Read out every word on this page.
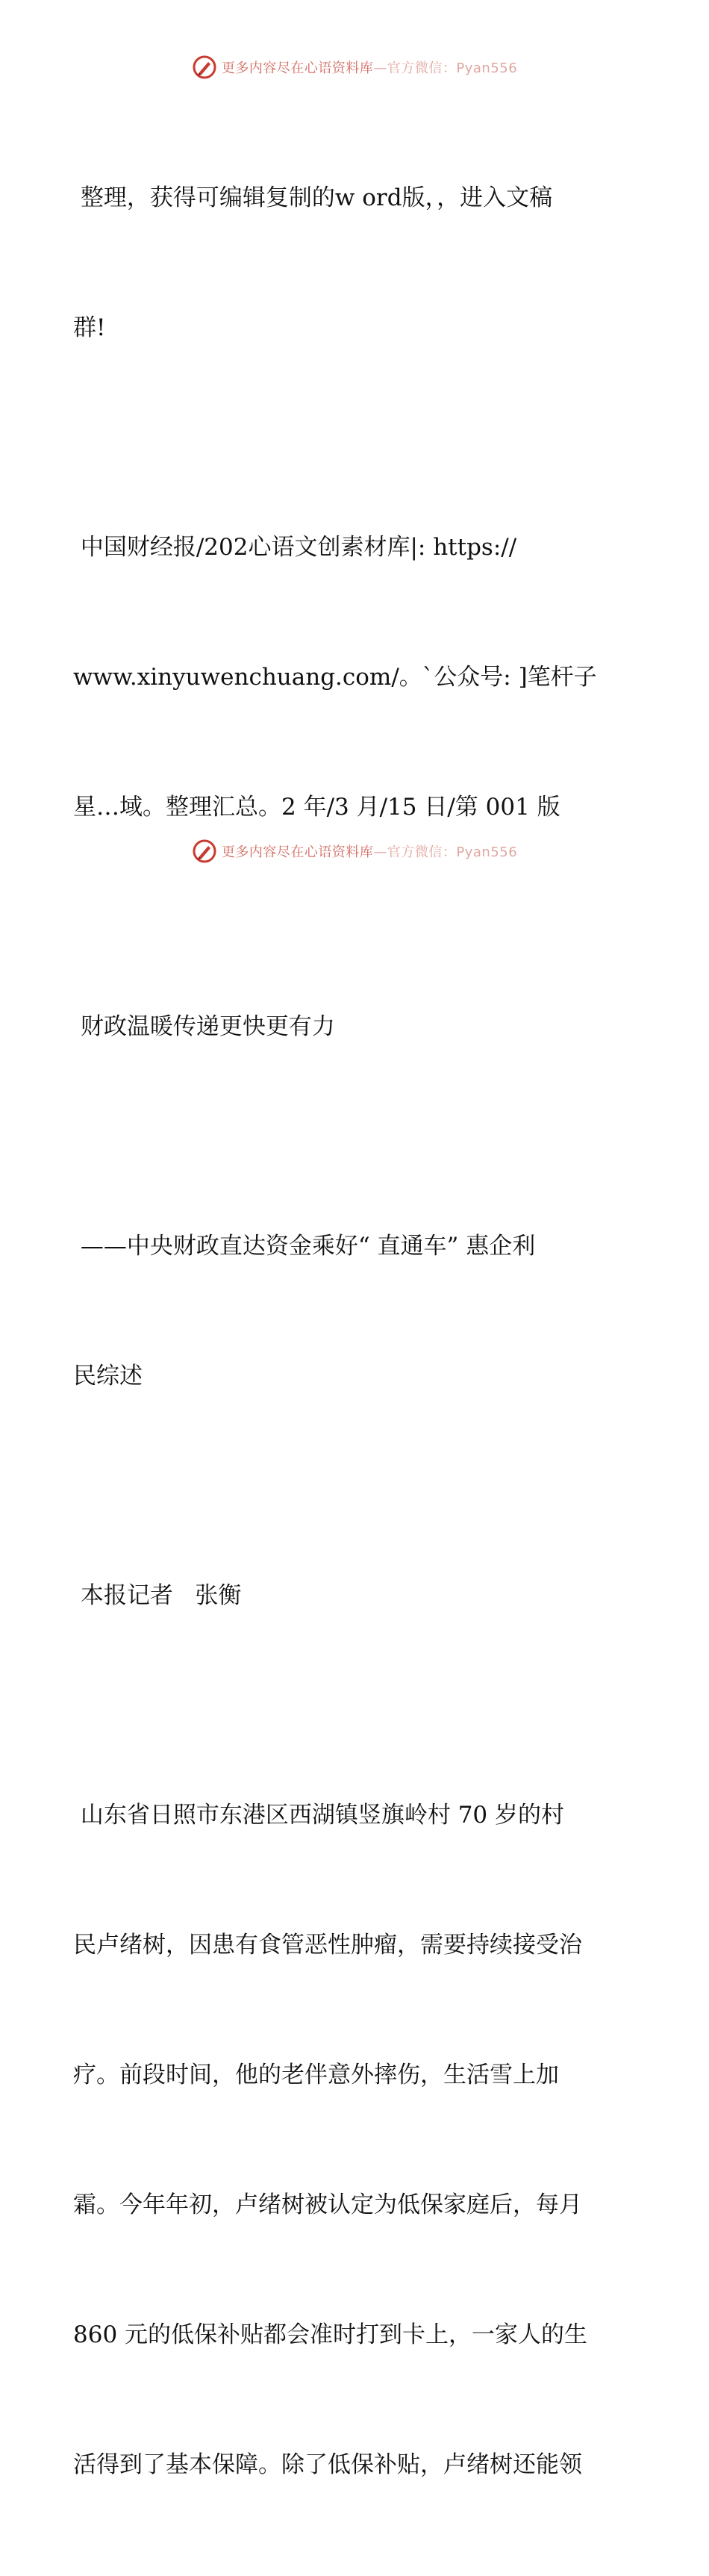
更多内容尽在心语资料库—官方微信：Pyan556

整理，获得可编辑复制的w ord版，，进入文稿

群!

中国财经报/202心语文创素材库|: https://

www.xinyuwenchuang.com/。`公众号: ]笔杆子

星…域。整理汇总。2 年/3 月/15 日/第 001 版

财政温暖传递更快更有力

——中央财政直达资金乘好“ 直通车” 惠企利

民综述

本报记者   张衡

山东省日照市东港区西湖镇竖旗岭村 70 岁的村

民卢绪树，因患有食管恶性肿瘤，需要持续接受治

疗。前段时间，他的老伴意外摔伤，生活雪上加

霜。今年年初，卢绪树被认定为低保家庭后，每月

860 元的低保补贴都会准时打到卡上，一家人的生

活得到了基本保障。除了低保补贴，卢绪树还能领

更多内容尽在心语资料库—官方微信：Pyan556
